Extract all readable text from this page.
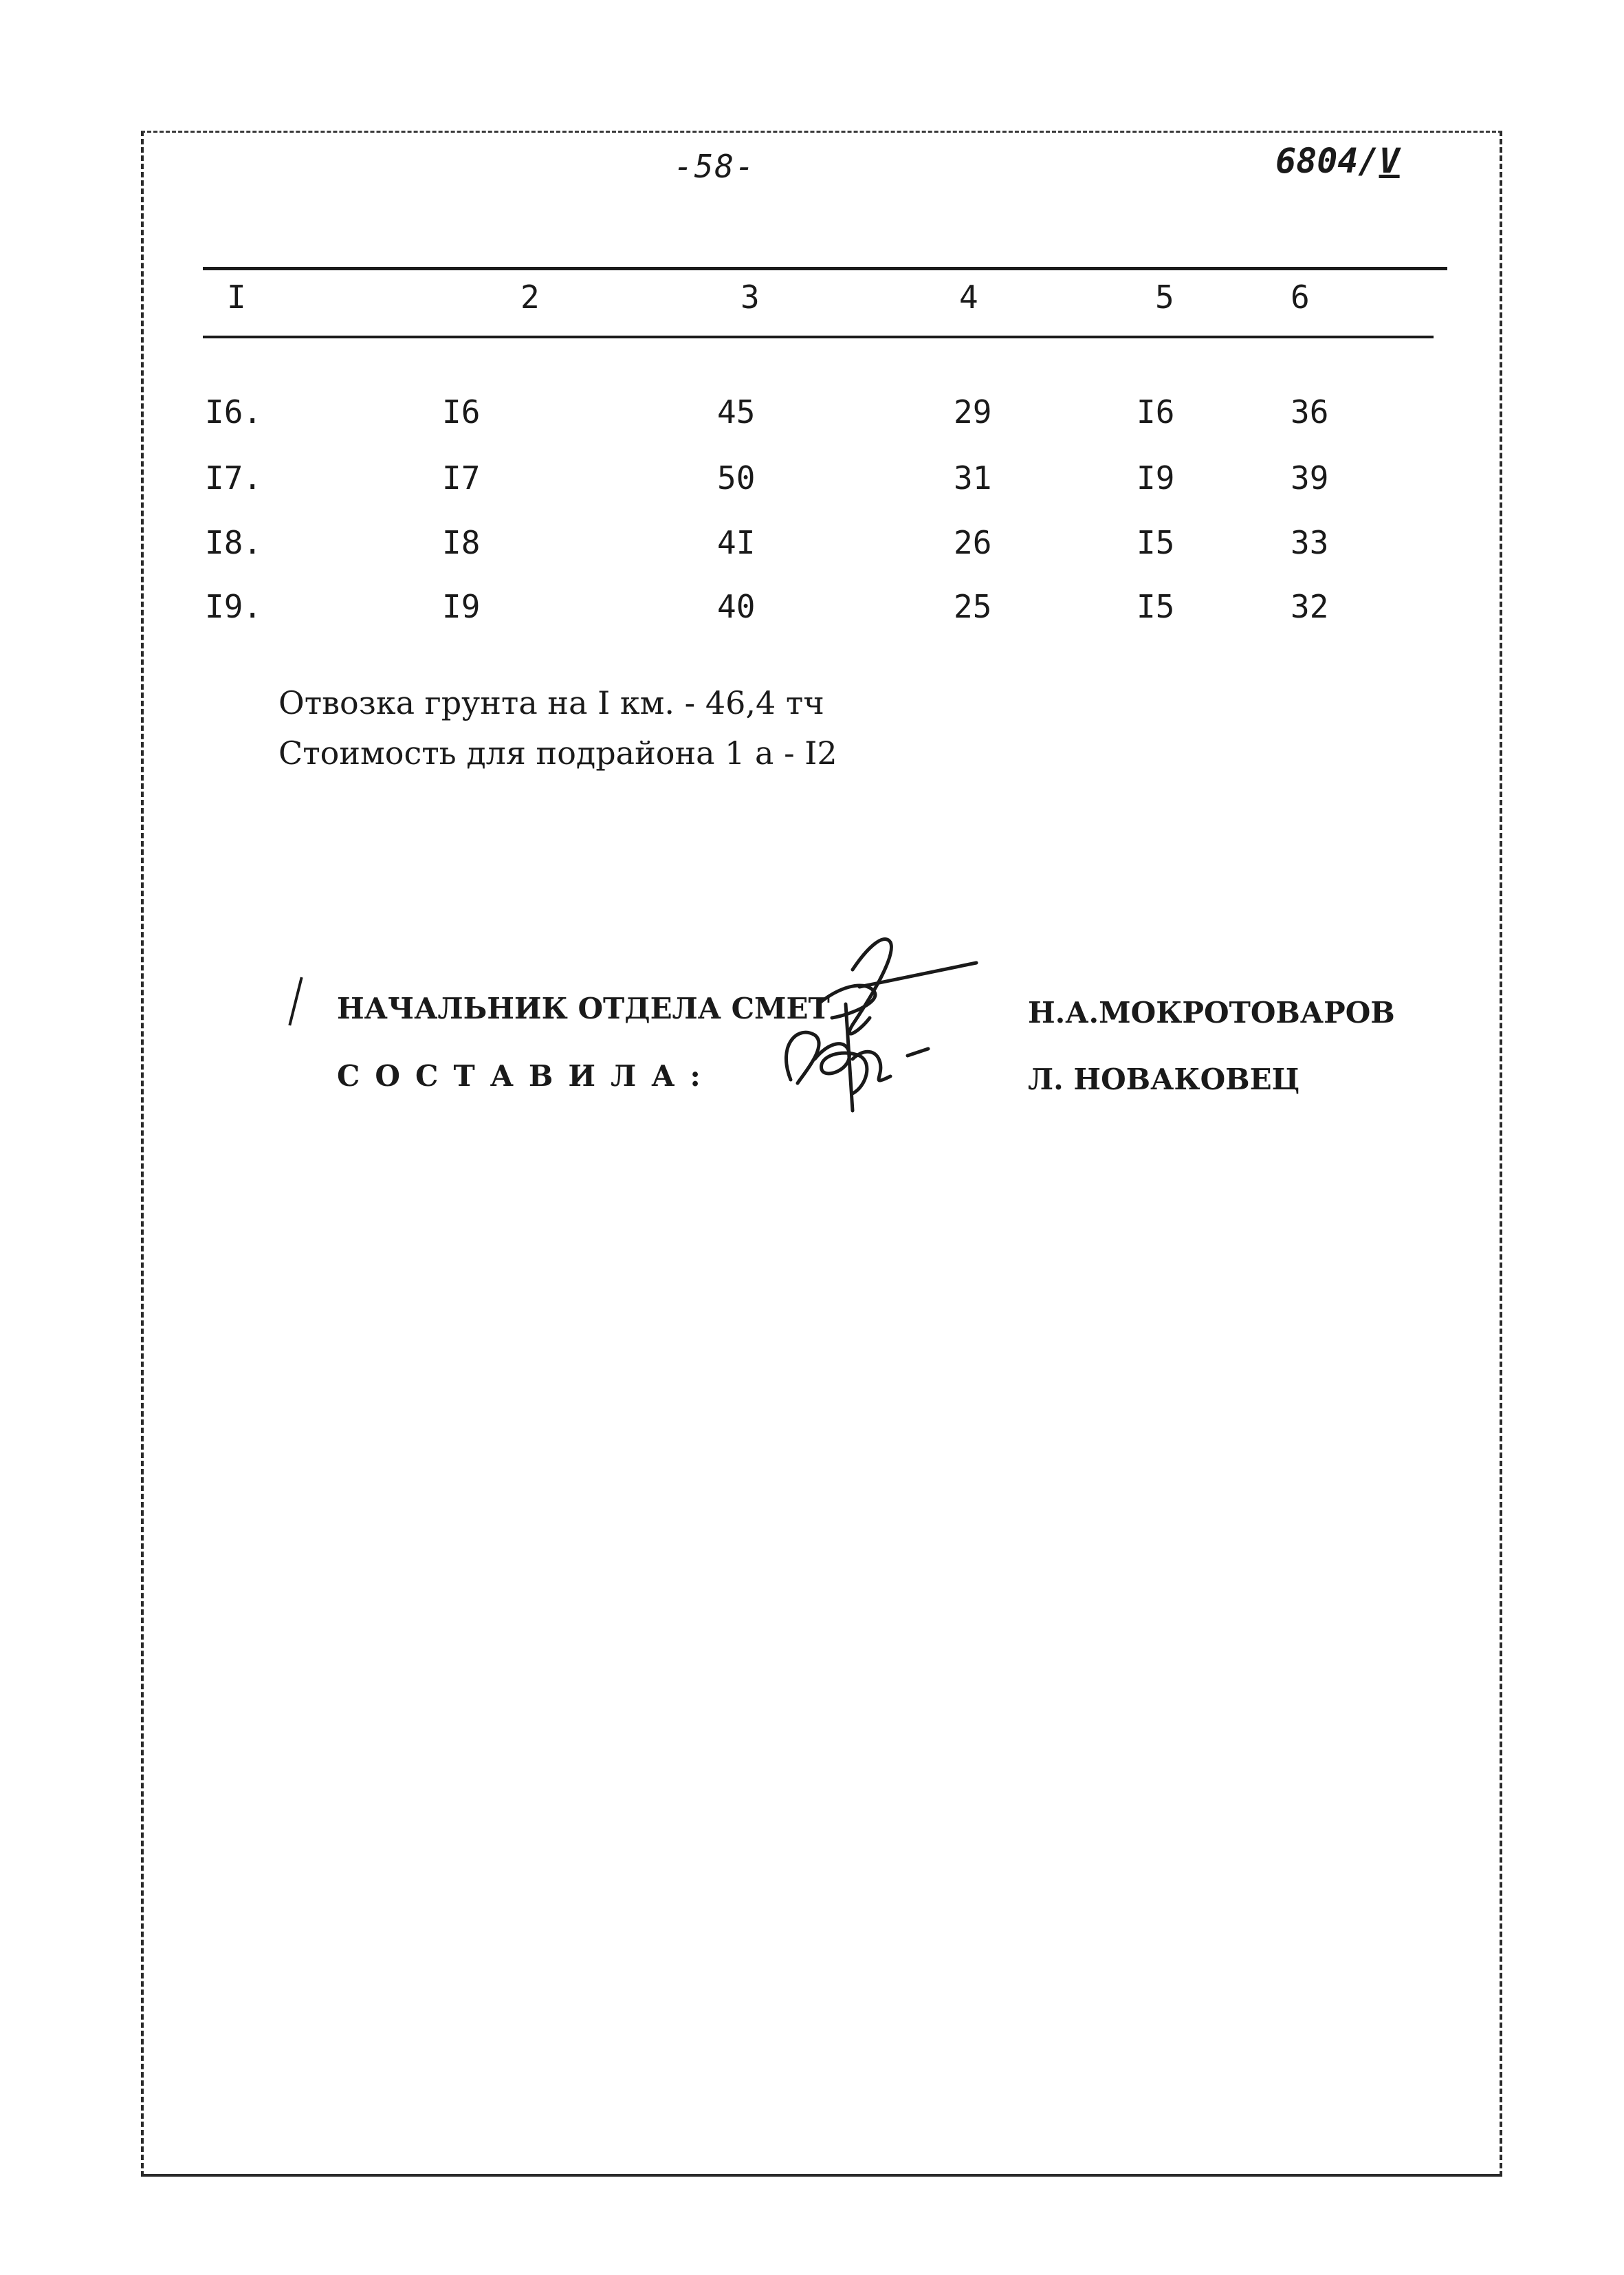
-58-	6804/V
I	2	3	4	5	6
I6.	I6	45	29	I6	36
I7.	I7	50	31	I9	39
I8.	I8	4I	26	I5	33
I9.	I9	40	25	I5	32
Отвозка грунта на I км. - 46,4 тч
Стоимость для подрайона 1 а - I2
НАЧАЛЬНИК ОТДЕЛА СМЕТ
СОСТАВИЛА:
Н.А.МОКРОТОВАРОВ
Л. НОВАКОВЕЦ
